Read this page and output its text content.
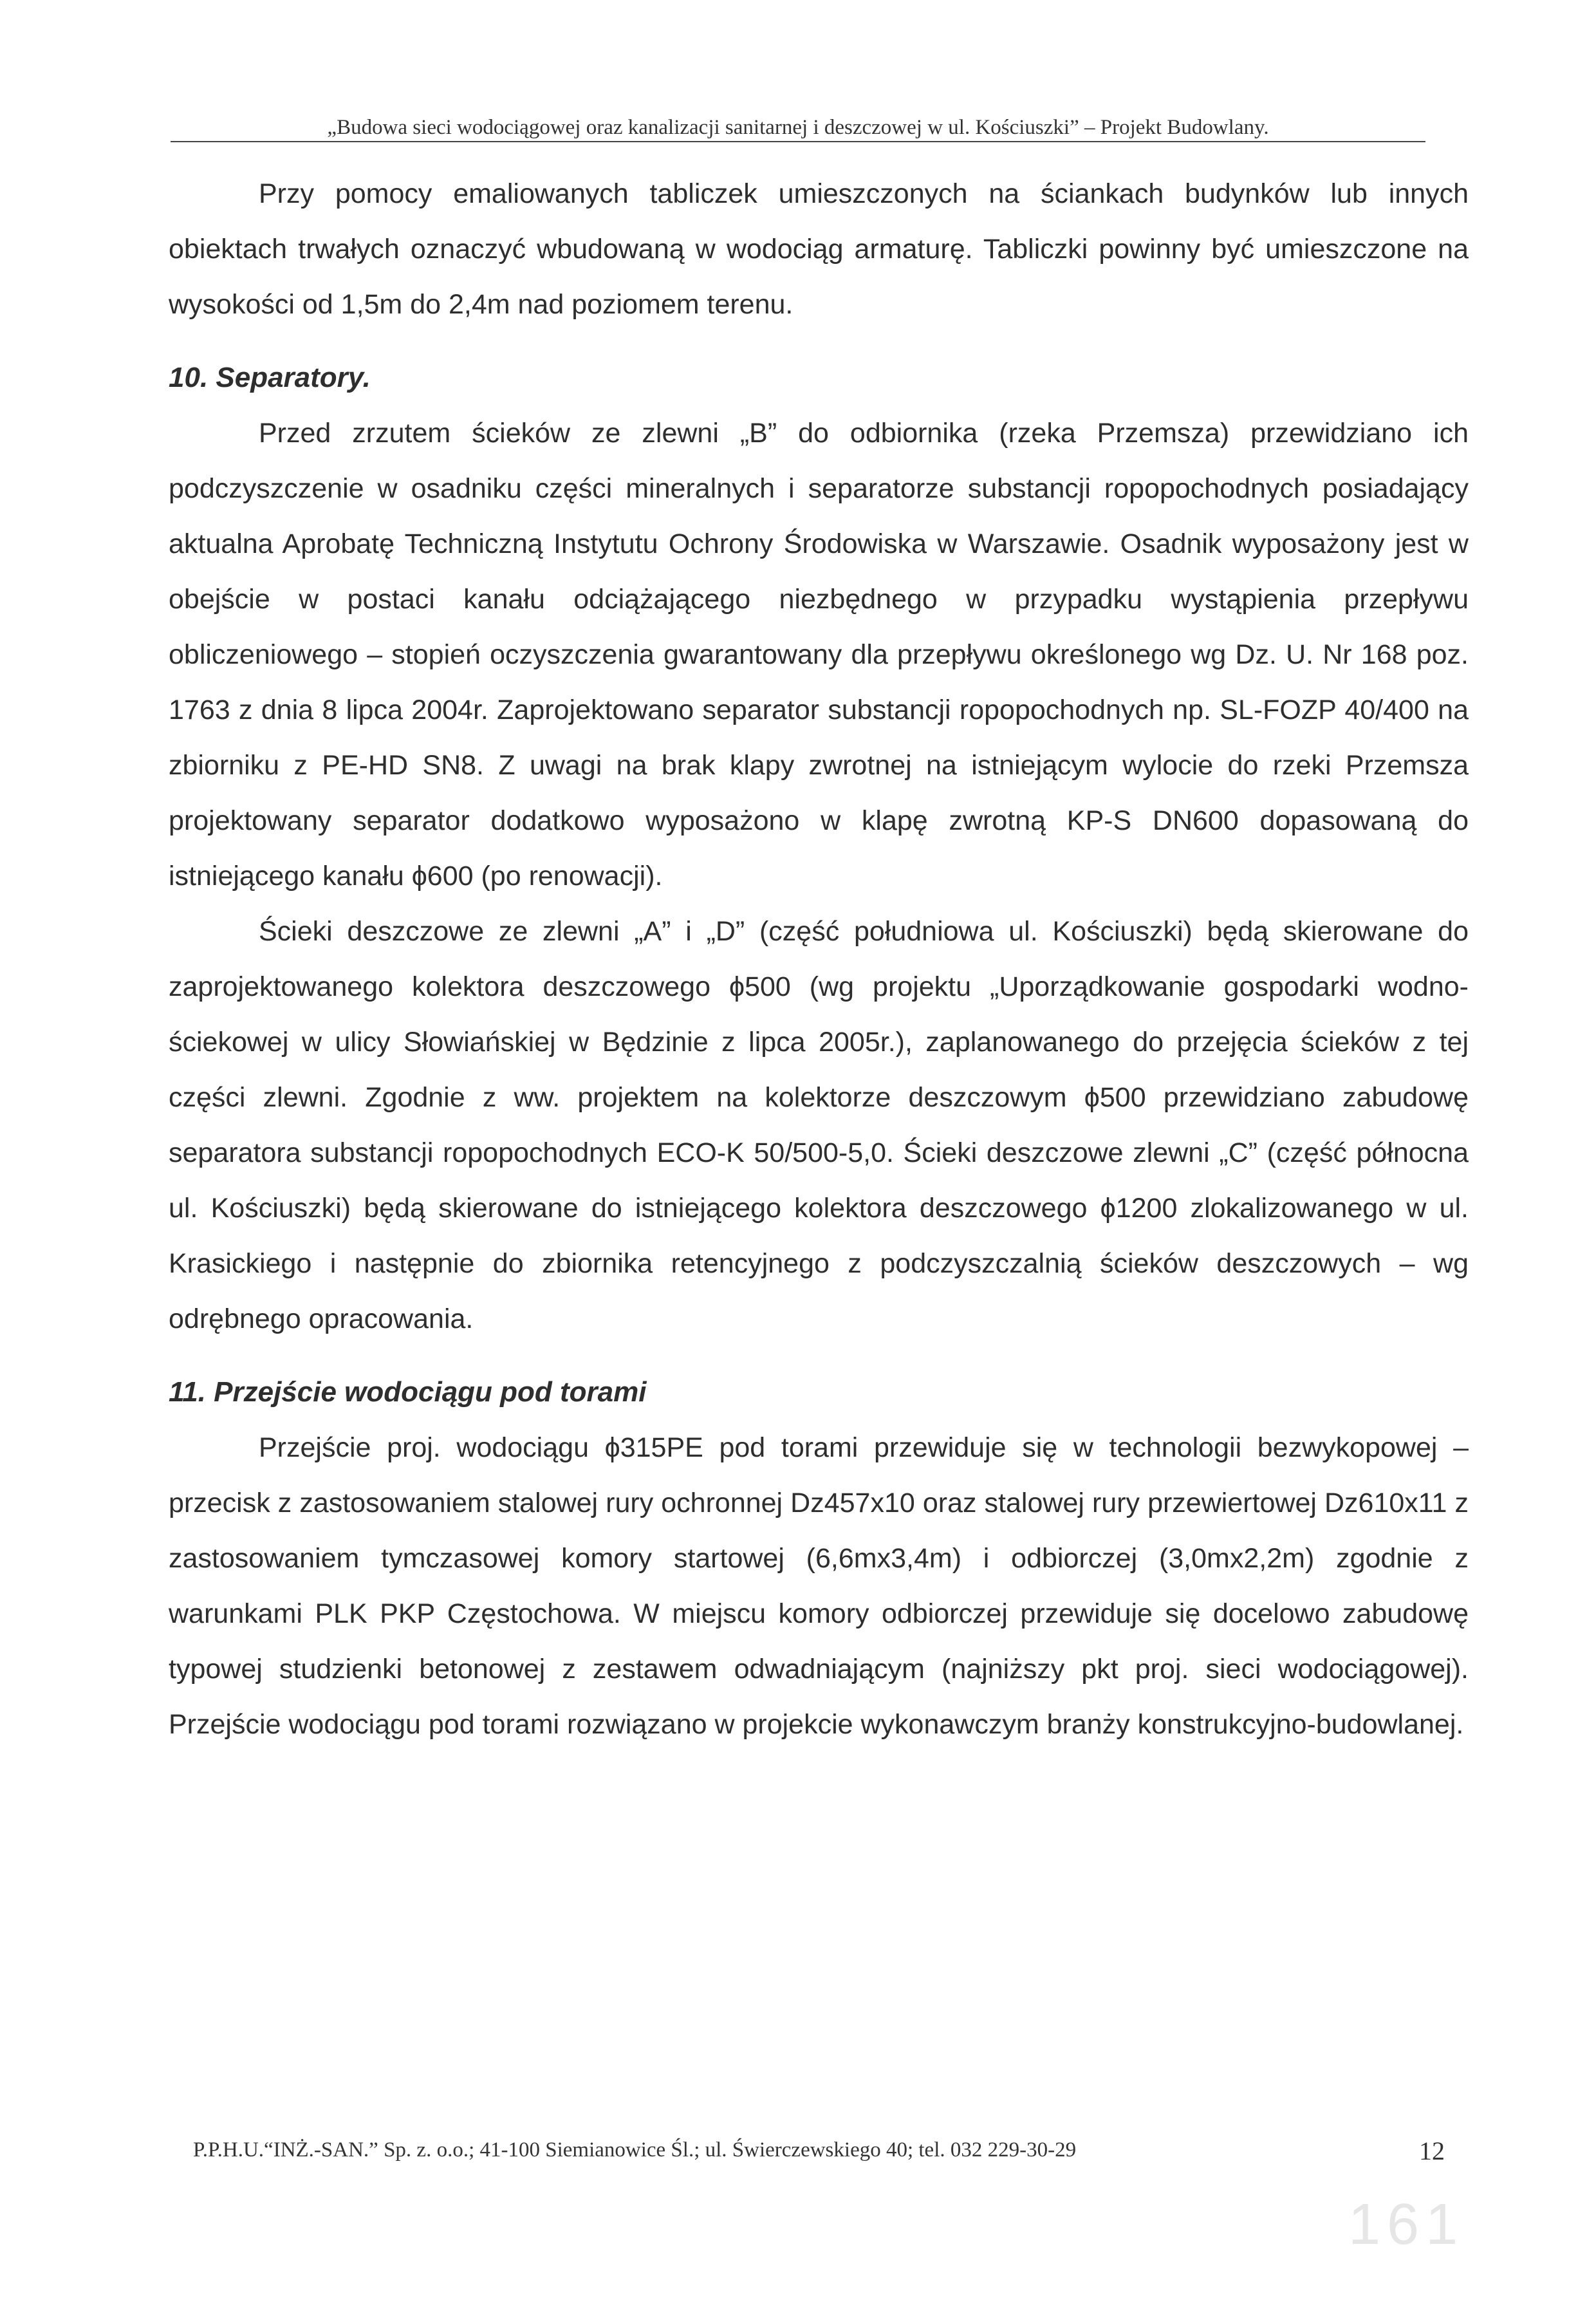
„Budowa sieci wodociągowej oraz kanalizacji sanitarnej i deszczowej w ul. Kościuszki” – Projekt Budowlany.

Przy pomocy emaliowanych tabliczek umieszczonych na ściankach budynków lub innych obiektach trwałych oznaczyć wbudowaną w wodociąg armaturę. Tabliczki powinny być umieszczone na wysokości od 1,5m do 2,4m nad poziomem terenu.

10. Separatory.

Przed zrzutem ścieków ze zlewni „B” do odbiornika (rzeka Przemsza) przewidziano ich podczyszczenie w osadniku części mineralnych i separatorze substancji ropopochodnych posiadający aktualna Aprobatę Techniczną Instytutu Ochrony Środowiska w Warszawie. Osadnik wyposażony jest w obejście w postaci kanału odciążającego niezbędnego w przypadku wystąpienia przepływu obliczeniowego – stopień oczyszczenia gwarantowany dla przepływu określonego wg Dz. U. Nr 168 poz. 1763 z dnia 8 lipca 2004r. Zaprojektowano separator substancji ropopochodnych np. SL-FOZP 40/400 na zbiorniku z PE-HD SN8. Z uwagi na brak klapy zwrotnej na istniejącym wylocie do rzeki Przemsza projektowany separator dodatkowo wyposażono w klapę zwrotną KP-S DN600 dopasowaną do istniejącego kanału ϕ600 (po renowacji).

Ścieki deszczowe ze zlewni „A” i „D” (część południowa ul. Kościuszki) będą skierowane do zaprojektowanego kolektora deszczowego ϕ500 (wg projektu „Uporządkowanie gospodarki wodno-ściekowej w ulicy Słowiańskiej w Będzinie z lipca 2005r.), zaplanowanego do przejęcia ścieków z tej części zlewni. Zgodnie z ww. projektem na kolektorze deszczowym ϕ500 przewidziano zabudowę separatora substancji ropopochodnych ECO-K 50/500-5,0. Ścieki deszczowe zlewni „C” (część północna ul. Kościuszki) będą skierowane do istniejącego kolektora deszczowego ϕ1200 zlokalizowanego w ul. Krasickiego i następnie do zbiornika retencyjnego z podczyszczalnią ścieków deszczowych – wg odrębnego opracowania.

11. Przejście wodociągu pod torami

Przejście proj. wodociągu ϕ315PE pod torami przewiduje się w technologii bezwykopowej – przecisk z zastosowaniem stalowej rury ochronnej Dz457x10 oraz stalowej rury przewiertowej Dz610x11 z zastosowaniem tymczasowej komory startowej (6,6mx3,4m) i odbiorczej (3,0mx2,2m) zgodnie z warunkami PLK PKP Częstochowa. W miejscu komory odbiorczej przewiduje się docelowo zabudowę typowej studzienki betonowej z zestawem odwadniającym (najniższy pkt proj. sieci wodociągowej). Przejście wodociągu pod torami rozwiązano w projekcie wykonawczym branży konstrukcyjno-budowlanej.

P.P.H.U.“INŻ.-SAN.” Sp. z. o.o.; 41-100 Siemianowice Śl.; ul. Świerczewskiego 40; tel. 032 229-30-29	12
161
